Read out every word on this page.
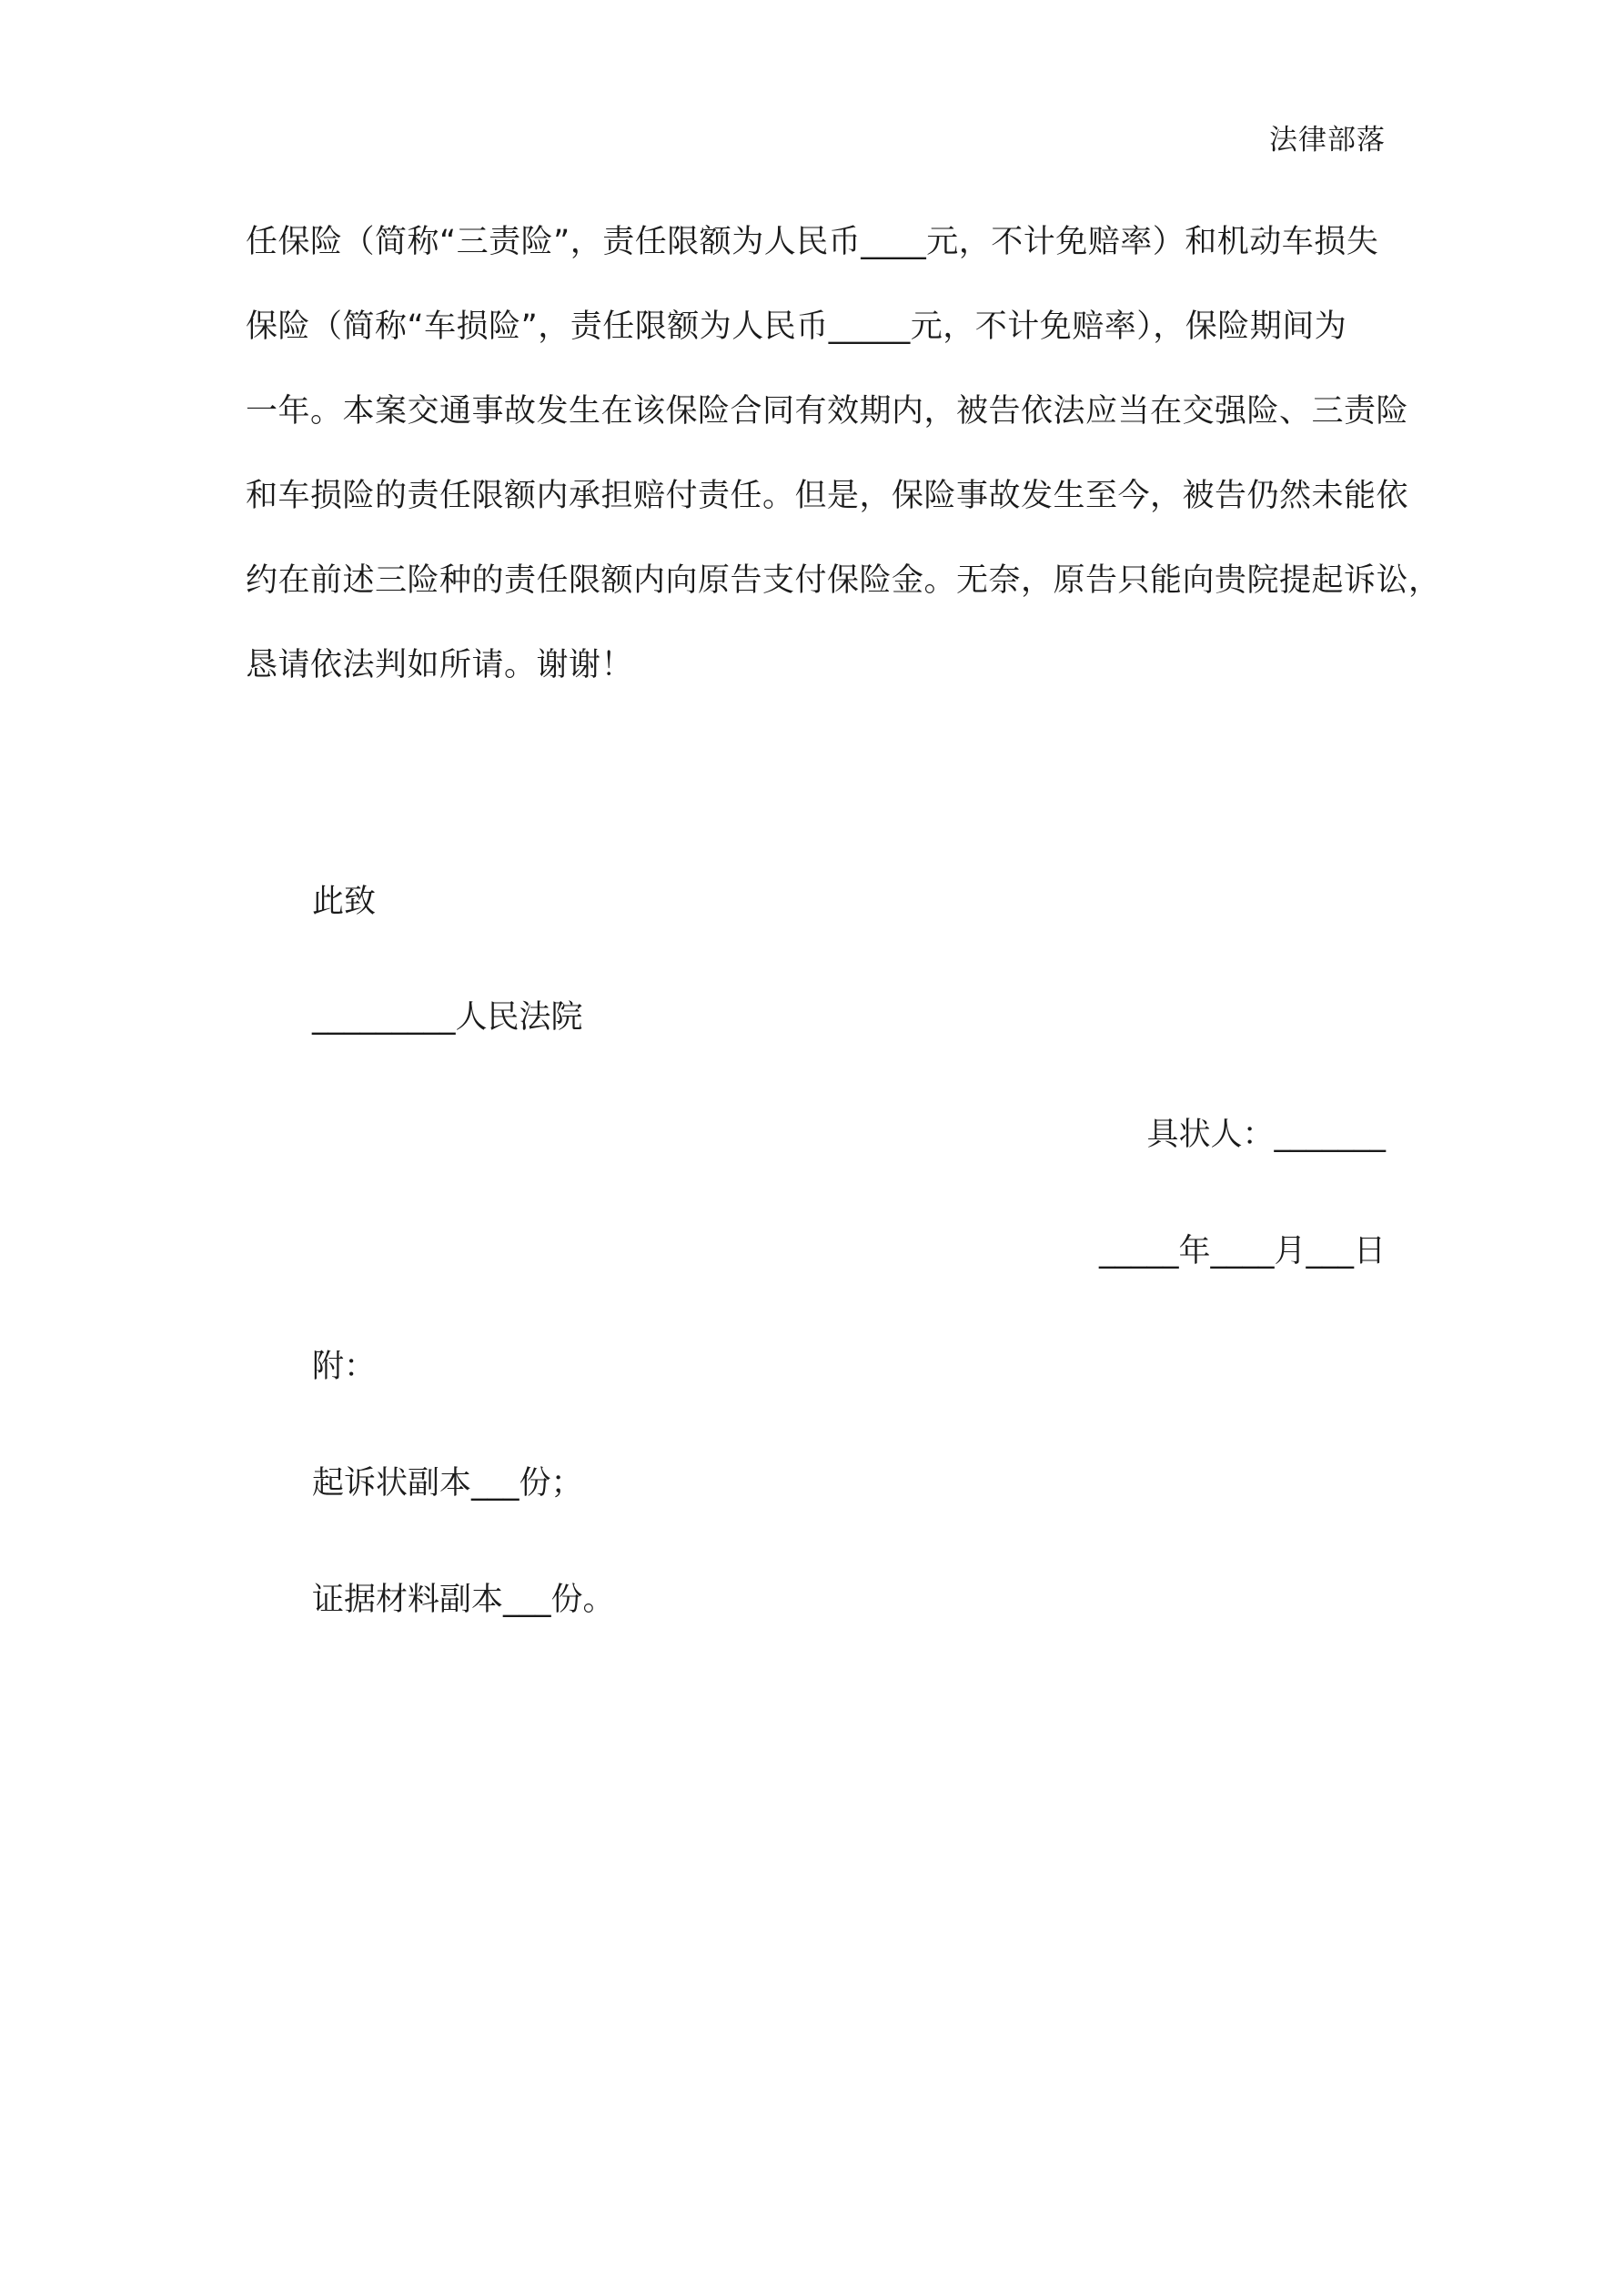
法律部落
任保险（简称“三责险”，责任限额为人民币____元，不计免赔率）和机动车损失
保险（简称“车损险”，责任限额为人民币_____元，不计免赔率），保险期间为
一年。本案交通事故发生在该保险合同有效期内，被告依法应当在交强险、三责险
和车损险的责任限额内承担赔付责任。但是，保险事故发生至今，被告仍然未能依
约在前述三险种的责任限额内向原告支付保险金。无奈，原告只能向贵院提起诉讼，
恳请依法判如所请。谢谢！
此致
_________人民法院
具状人：_______
_____年____月___日
附：
起诉状副本___份；
证据材料副本___份。
